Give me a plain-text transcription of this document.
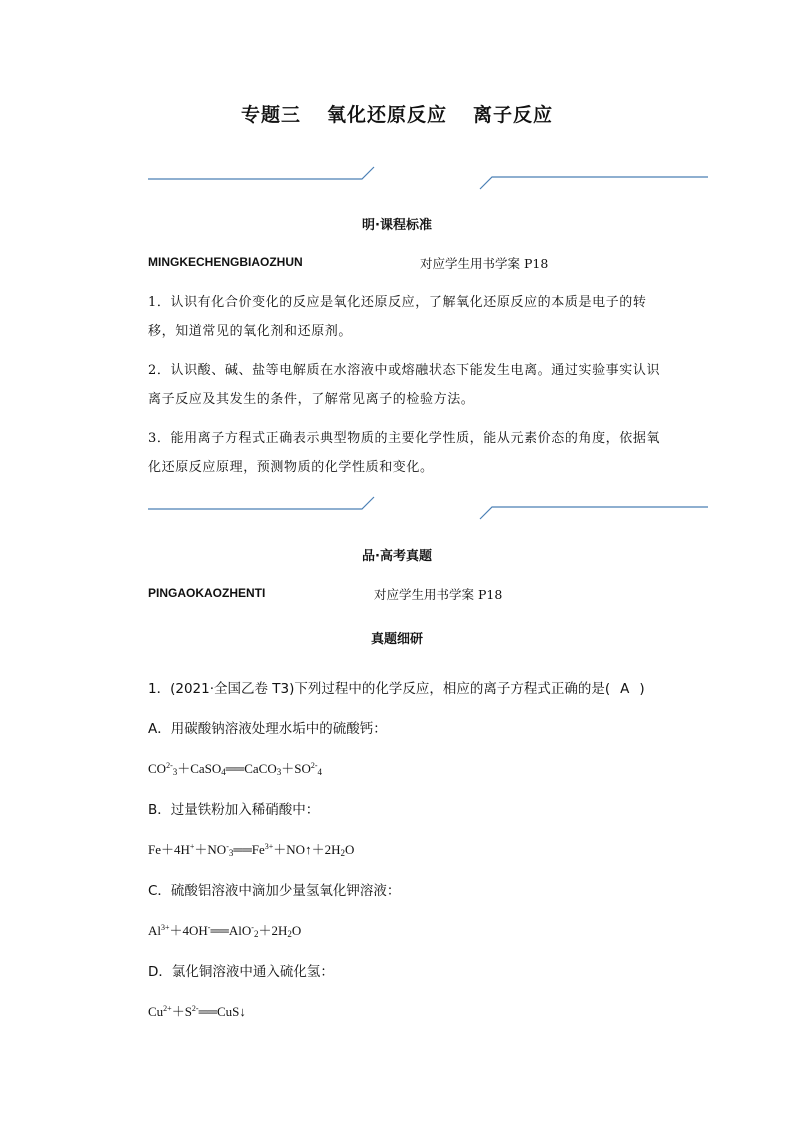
专题三 氧化还原反应 离子反应
明·课程标准
MINGKECHENGBIAOZHUN	对应学生用书学案 P18
1．认识有化合价变化的反应是氧化还原反应，了解氧化还原反应的本质是电子的转移，知道常见的氧化剂和还原剂。
2．认识酸、碱、盐等电解质在水溶液中或熔融状态下能发生电离。通过实验事实认识离子反应及其发生的条件，了解常见离子的检验方法。
3．能用离子方程式正确表示典型物质的主要化学性质，能从元素价态的角度，依据氧化还原反应原理，预测物质的化学性质和变化。
品·高考真题
PINGAOKAOZHENTI	对应学生用书学案 P18
真题细研
1．(2021·全国乙卷 T3)下列过程中的化学反应，相应的离子方程式正确的是( A )
A．用碳酸钠溶液处理水垢中的硫酸钙：
$CO^{2-}_3+CaSO_4══CaCO_3+SO^{2-}_4$
B．过量铁粉加入稀硝酸中：
$Fe+4H^++NO^-_3══Fe^{3+}+NO↑+2H_2O$
C．硫酸铝溶液中滴加少量氢氧化钾溶液：
$Al^{3+}+4OH^-══AlO^-_2+2H_2O$
D．氯化铜溶液中通入硫化氢：
$Cu^{2+}+S^{2-}══CuS↓$
